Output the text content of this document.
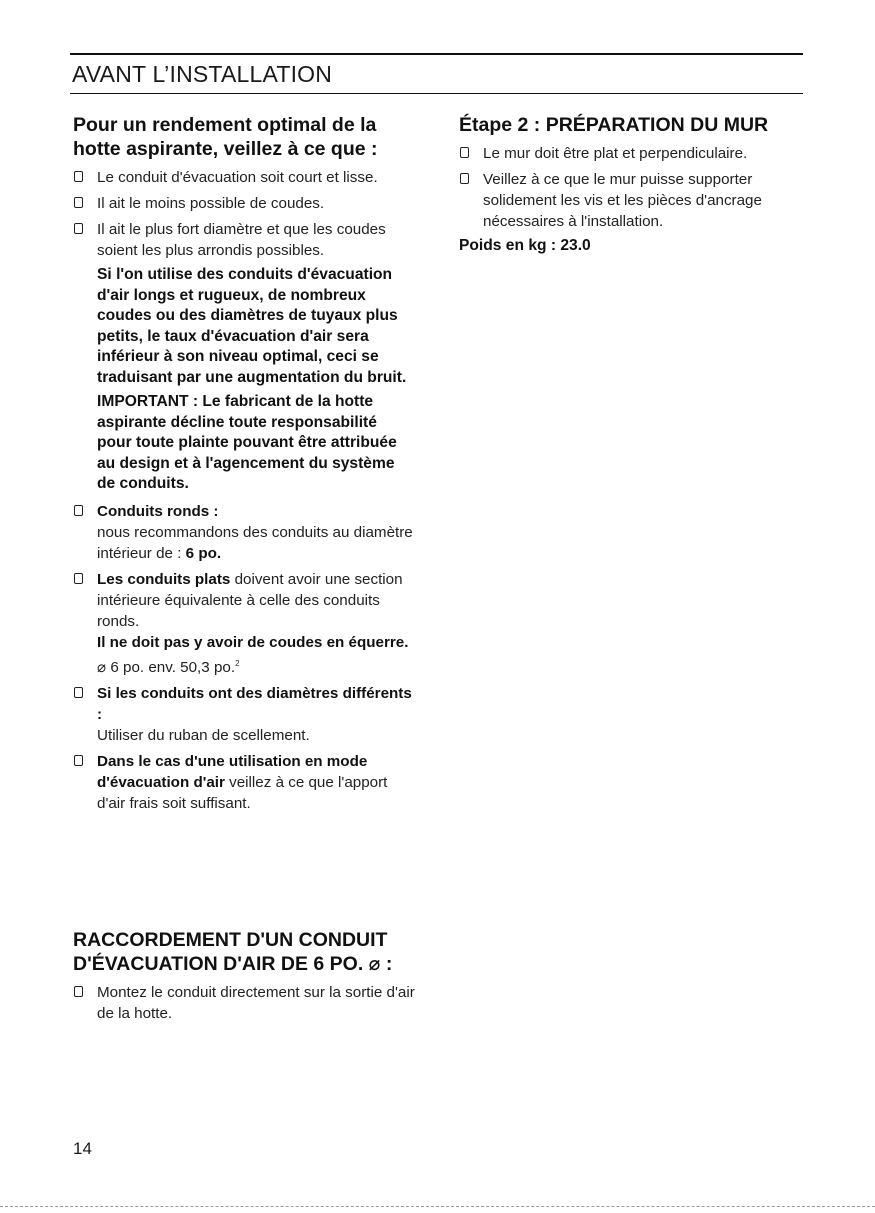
AVANT L’INSTALLATION
Pour un rendement optimal de la hotte aspirante, veillez à ce que :
Le conduit d'évacuation soit court et lisse.
Il ait le moins possible de coudes.
Il ait le plus fort diamètre et que les coudes soient les plus arrondis possibles.

Si l'on utilise des conduits d'évacuation d'air longs et rugueux, de nombreux coudes ou des diamètres de tuyaux plus petits, le taux d'évacuation d'air sera inférieur à son niveau optimal, ceci se traduisant par une augmentation du bruit.

IMPORTANT : Le fabricant de la hotte aspirante décline toute responsabilité pour toute plainte pouvant être attribuée au design et à l'agencement du système de conduits.

Conduits ronds :
nous recommandons des conduits au diamètre intérieur de : 6 po.
Les conduits plats doivent avoir une section intérieure équivalente à celle des conduits ronds.
Il ne doit pas y avoir de coudes en équerre.
⌀ 6 po. env. 50,3 po.$^2$
Si les conduits ont des diamètres différents :
Utiliser du ruban de scellement.
Dans le cas d'une utilisation en mode d'évacuation d'air veillez à ce que l'apport d'air frais soit suffisant.
Étape 2 : PRÉPARATION DU MUR
Le mur doit être plat et perpendiculaire.
Veillez à ce que le mur puisse supporter solidement les vis et les pièces d'ancrage nécessaires à l'installation.

Poids en kg : 23.0

RACCORDEMENT D'UN CONDUIT D'ÉVACUATION D'AIR DE 6 PO. ⌀ :
Montez le conduit directement sur la sortie d'air de la hotte.
14
